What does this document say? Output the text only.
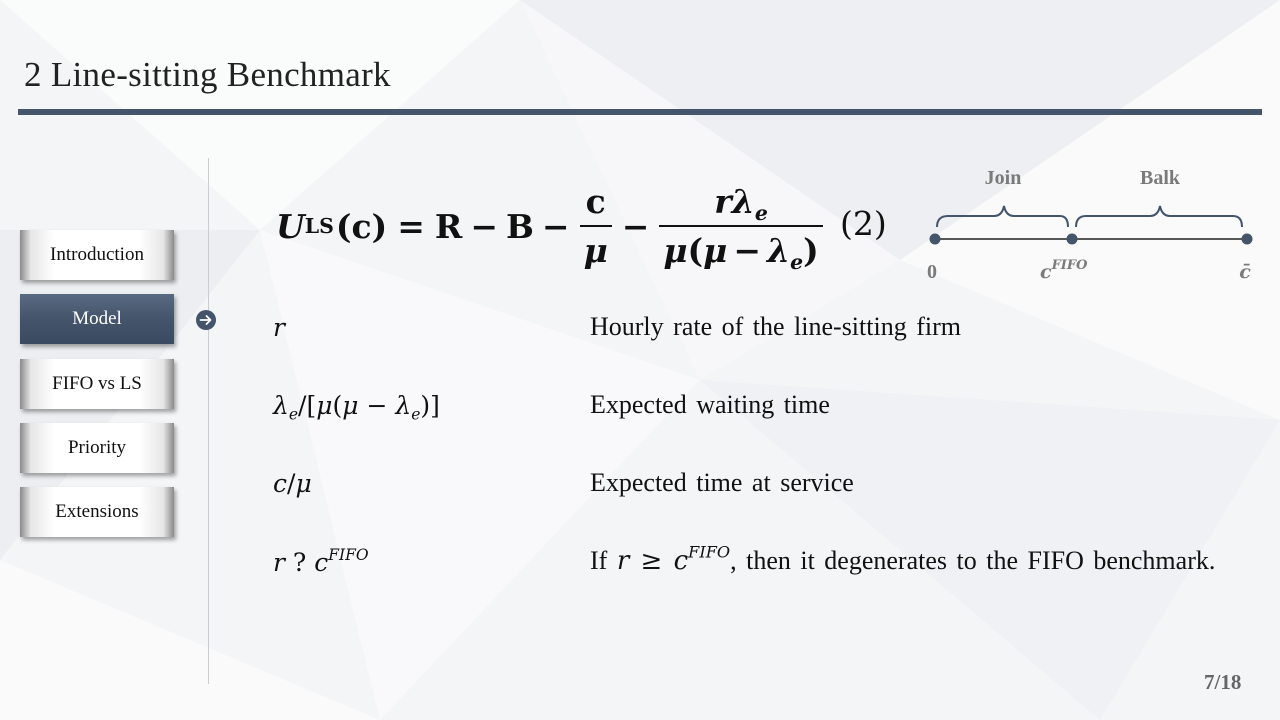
2 Line-sitting Benchmark
Introduction
Model
FIFO vs LS
Priority
Extensions
U LS $(c) = R - B - \frac{c}{\mu} - \frac{r\lambda_e}{\mu(\mu - \lambda_e)} (2)$
Join	Balk
0	$c^{FIFO}$	c̄
r	Hourly rate of the line-sitting firm
$\lambda_e/[\mu(\mu - \lambda_e)]$	Expected waiting time
c/μ	Expected time at service
r ? $c^{FIFO}$	If $r \ge c^{FIFO}$, then it degenerates to the FIFO benchmark.
7/18
